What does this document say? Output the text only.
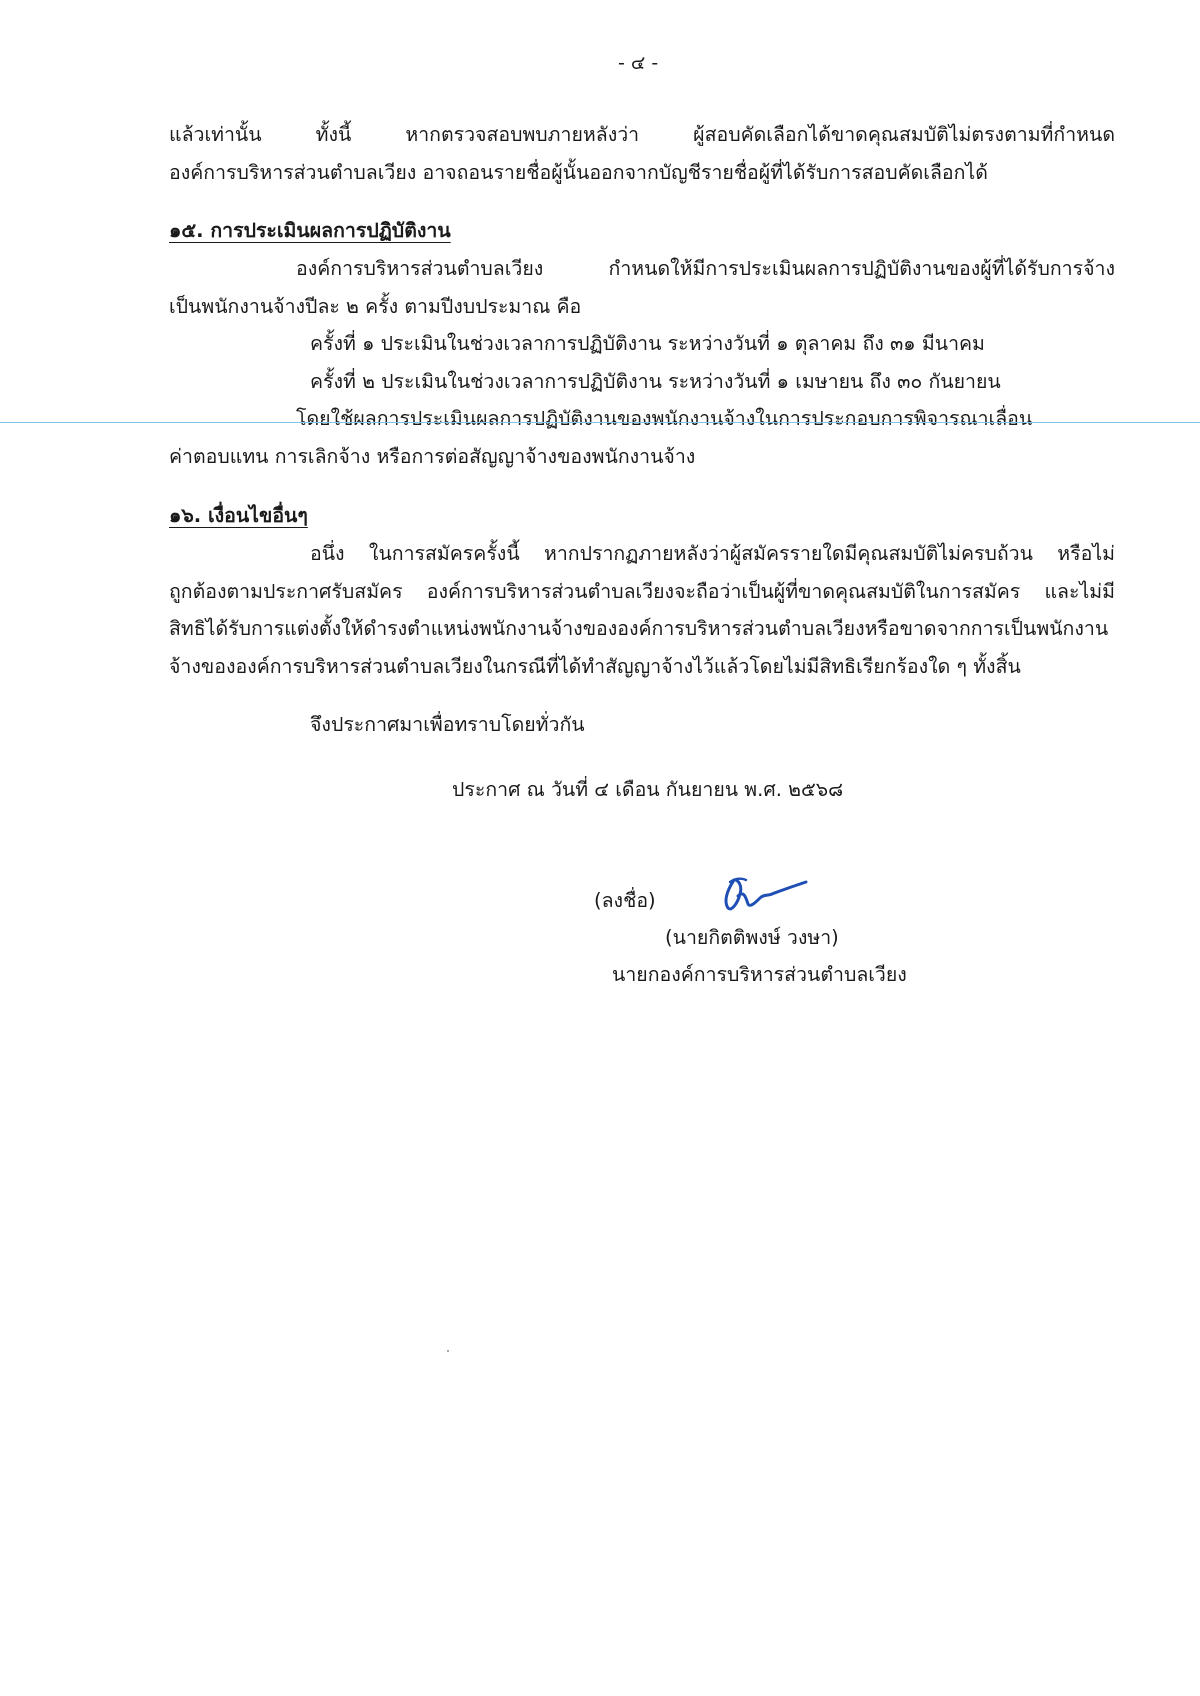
- ๔ -
แล้วเท่านั้น ทั้งนี้ หากตรวจสอบพบภายหลังว่า ผู้สอบคัดเลือกได้ขาดคุณสมบัติไม่ตรงตามที่กำหนด
องค์การบริหารส่วนตำบลเวียง อาจถอนรายชื่อผู้นั้นออกจากบัญชีรายชื่อผู้ที่ได้รับการสอบคัดเลือกได้
๑๕. การประเมินผลการปฏิบัติงาน
องค์การบริหารส่วนตำบลเวียง กำหนดให้มีการประเมินผลการปฏิบัติงานของผู้ที่ได้รับการจ้าง
เป็นพนักงานจ้างปีละ ๒ ครั้ง ตามปีงบประมาณ คือ
ครั้งที่ ๑ ประเมินในช่วงเวลาการปฏิบัติงาน ระหว่างวันที่ ๑ ตุลาคม ถึง ๓๑ มีนาคม
ครั้งที่ ๒ ประเมินในช่วงเวลาการปฏิบัติงาน ระหว่างวันที่ ๑ เมษายน ถึง ๓๐ กันยายน
โดยใช้ผลการประเมินผลการปฏิบัติงานของพนักงานจ้างในการประกอบการพิจารณาเลื่อน
ค่าตอบแทน การเลิกจ้าง หรือการต่อสัญญาจ้างของพนักงานจ้าง
๑๖. เงื่อนไขอื่นๆ
อนึ่ง ในการสมัครครั้งนี้ หากปรากฏภายหลังว่าผู้สมัครรายใดมีคุณสมบัติไม่ครบถ้วน หรือไม่
ถูกต้องตามประกาศรับสมัคร องค์การบริหารส่วนตำบลเวียงจะถือว่าเป็นผู้ที่ขาดคุณสมบัติในการสมัคร และไม่มี
สิทธิได้รับการแต่งตั้งให้ดำรงตำแหน่งพนักงานจ้างขององค์การบริหารส่วนตำบลเวียงหรือขาดจากการเป็นพนักงาน
จ้างขององค์การบริหารส่วนตำบลเวียงในกรณีที่ได้ทำสัญญาจ้างไว้แล้วโดยไม่มีสิทธิเรียกร้องใด ๆ ทั้งสิ้น
จึงประกาศมาเพื่อทราบโดยทั่วกัน
ประกาศ ณ วันที่ ๔ เดือน กันยายน พ.ศ. ๒๕๖๘
(ลงชื่อ)
(นายกิตติพงษ์ วงษา)
นายกองค์การบริหารส่วนตำบลเวียง
